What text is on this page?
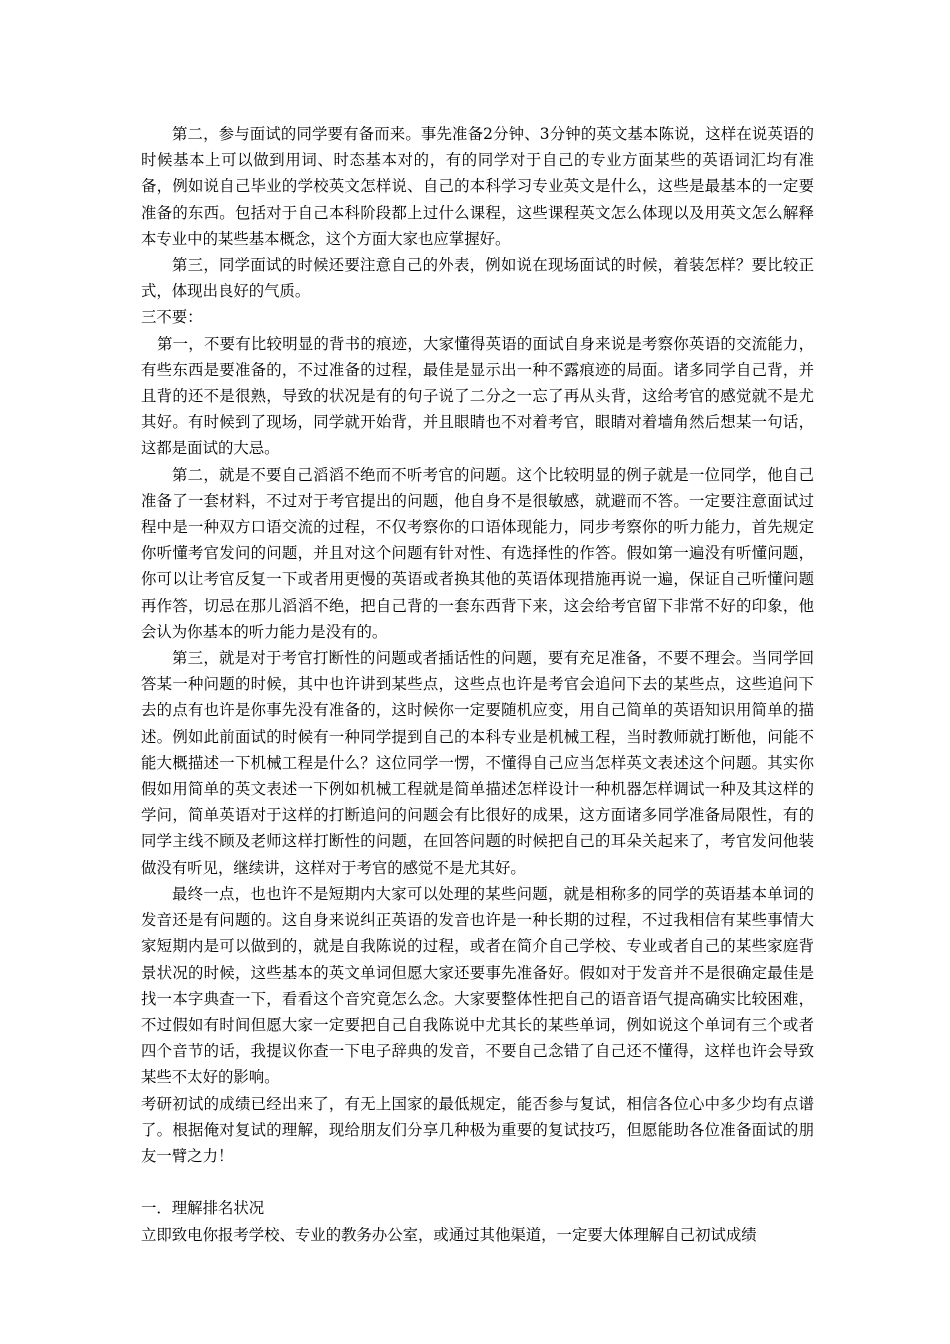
第二，参与面试的同学要有备而来。事先准备2分钟、3分钟的英文基本陈说，这样在说英语的时候基本上可以做到用词、时态基本对的，有的同学对于自己的专业方面某些的英语词汇均有准备，例如说自己毕业的学校英文怎样说、自己的本科学习专业英文是什么，这些是最基本的一定要准备的东西。包括对于自己本科阶段都上过什么课程，这些课程英文怎么体现以及用英文怎么解释本专业中的某些基本概念，这个方面大家也应掌握好。

第三，同学面试的时候还要注意自己的外表，例如说在现场面试的时候，着装怎样？要比较正式，体现出良好的气质。

三不要：

第一，不要有比较明显的背书的痕迹，大家懂得英语的面试自身来说是考察你英语的交流能力，有些东西是要准备的，不过准备的过程，最佳是显示出一种不露痕迹的局面。诸多同学自己背，并且背的还不是很熟，导致的状况是有的句子说了二分之一忘了再从头背，这给考官的感觉就不是尤其好。有时候到了现场，同学就开始背，并且眼睛也不对着考官，眼睛对着墙角然后想某一句话，这都是面试的大忌。

第二，就是不要自己滔滔不绝而不听考官的问题。这个比较明显的例子就是一位同学，他自己准备了一套材料，不过对于考官提出的问题，他自身不是很敏感，就避而不答。一定要注意面试过程中是一种双方口语交流的过程，不仅考察你的口语体现能力，同步考察你的听力能力，首先规定你听懂考官发问的问题，并且对这个问题有针对性、有选择性的作答。假如第一遍没有听懂问题，你可以让考官反复一下或者用更慢的英语或者换其他的英语体现措施再说一遍，保证自己听懂问题再作答，切忌在那儿滔滔不绝，把自己背的一套东西背下来，这会给考官留下非常不好的印象，他会认为你基本的听力能力是没有的。

第三，就是对于考官打断性的问题或者插话性的问题，要有充足准备，不要不理会。当同学回答某一种问题的时候，其中也许讲到某些点，这些点也许是考官会追问下去的某些点，这些追问下去的点有也许是你事先没有准备的，这时候你一定要随机应变，用自己简单的英语知识用简单的描述。例如此前面试的时候有一种同学提到自己的本科专业是机械工程，当时教师就打断他，问能不能大概描述一下机械工程是什么？这位同学一愣，不懂得自己应当怎样英文表述这个问题。其实你假如用简单的英文表述一下例如机械工程就是简单描述怎样设计一种机器怎样调试一种及其这样的学问，简单英语对于这样的打断追问的问题会有比很好的成果，这方面诸多同学准备局限性，有的同学主线不顾及老师这样打断性的问题，在回答问题的时候把自己的耳朵关起来了，考官发问他装做没有听见，继续讲，这样对于考官的感觉不是尤其好。

最终一点，也也许不是短期内大家可以处理的某些问题，就是相称多的同学的英语基本单词的发音还是有问题的。这自身来说纠正英语的发音也许是一种长期的过程，不过我相信有某些事情大家短期内是可以做到的，就是自我陈说的过程，或者在简介自己学校、专业或者自己的某些家庭背景状况的时候，这些基本的英文单词但愿大家还要事先准备好。假如对于发音并不是很确定最佳是找一本字典查一下，看看这个音究竟怎么念。大家要整体性把自己的语音语气提高确实比较困难，不过假如有时间但愿大家一定要把自己自我陈说中尤其长的某些单词，例如说这个单词有三个或者四个音节的话，我提议你查一下电子辞典的发音，不要自己念错了自己还不懂得，这样也许会导致某些不太好的影响。

考研初试的成绩已经出来了，有无上国家的最低规定，能否参与复试，相信各位心中多少均有点谱了。根据俺对复试的理解，现给朋友们分享几种极为重要的复试技巧，但愿能助各位准备面试的朋友一臂之力！

一．理解排名状况

立即致电你报考学校、专业的教务办公室，或通过其他渠道，一定要大体理解自己初试成绩
